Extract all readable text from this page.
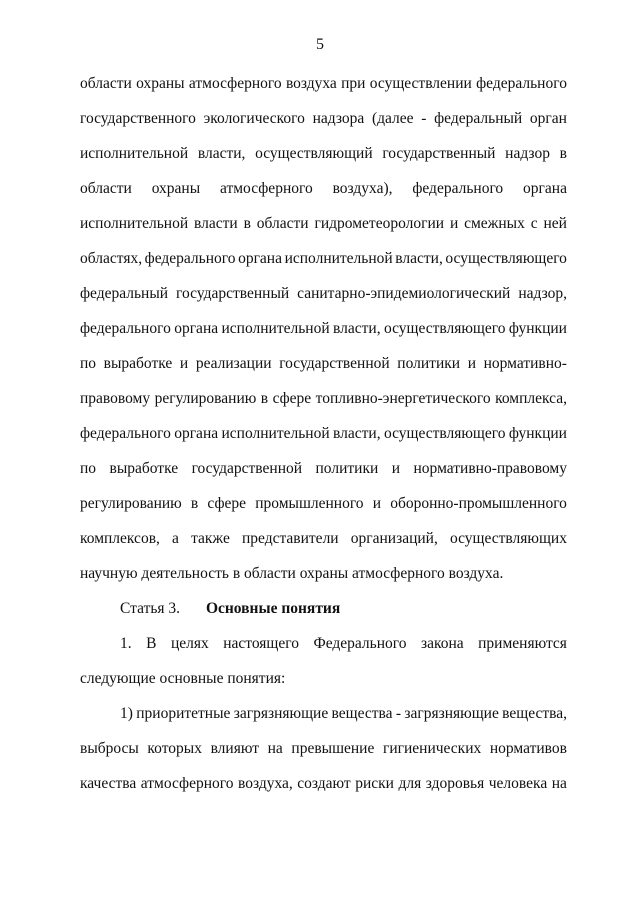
5
области охраны атмосферного воздуха при осуществлении федерального
государственного экологического надзора (далее - федеральный орган
исполнительной власти, осуществляющий государственный надзор в
области охраны атмосферного воздуха), федерального органа
исполнительной власти в области гидрометеорологии и смежных с ней
областях, федерального органа исполнительной власти, осуществляющего
федеральный государственный санитарно-эпидемиологический надзор,
федерального органа исполнительной власти, осуществляющего функции
по выработке и реализации государственной политики и нормативно-
правовому регулированию в сфере топливно-энергетического комплекса,
федерального органа исполнительной власти, осуществляющего функции
по выработке государственной политики и нормативно-правовому
регулированию в сфере промышленного и оборонно-промышленного
комплексов, а также представители организаций, осуществляющих
научную деятельность в области охраны атмосферного воздуха.
Статья 3. Основные понятия
1. В целях настоящего Федерального закона применяются
следующие основные понятия:
1) приоритетные загрязняющие вещества - загрязняющие вещества,
выбросы которых влияют на превышение гигиенических нормативов
качества атмосферного воздуха, создают риски для здоровья человека на
